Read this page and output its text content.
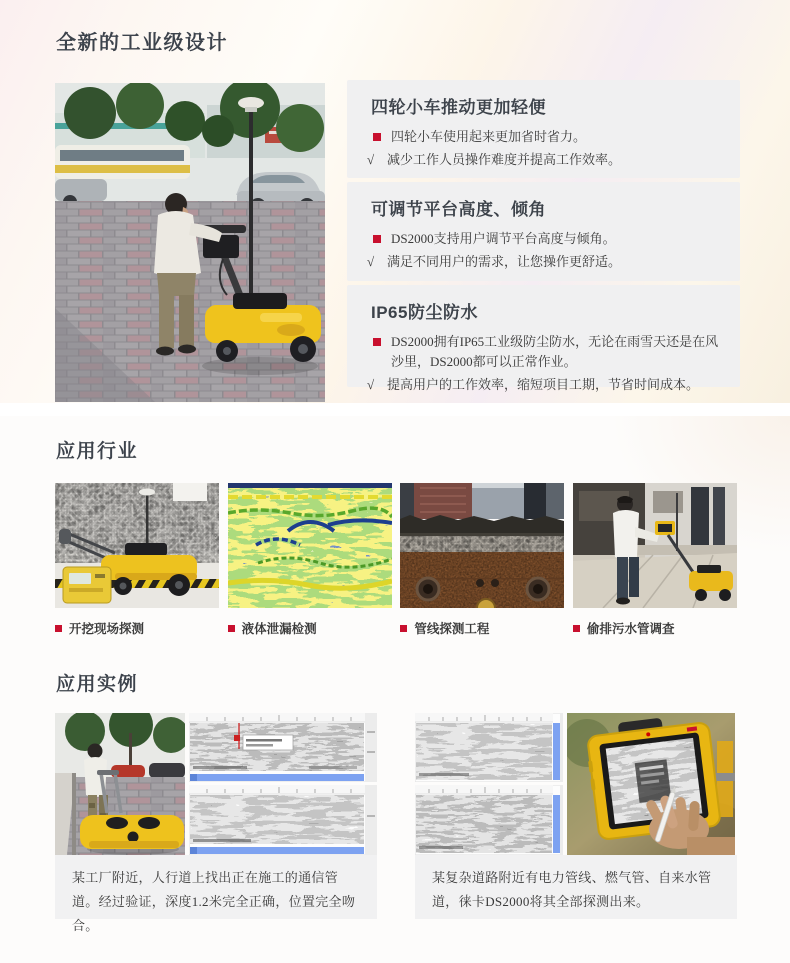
全新的工业级设计
四轮小车推动更加轻便
四轮小车使用起来更加省时省力。
√ 减少工作人员操作难度并提高工作效率。
可调节平台高度、倾角
DS2000支持用户调节平台高度与倾角。
√ 满足不同用户的需求，让您操作更舒适。
IP65防尘防水
DS2000拥有IP65工业级防尘防水，无论在雨雪天还是在风沙里，DS2000都可以正常作业。
√ 提高用户的工作效率，缩短项目工期，节省时间成本。
应用行业
开挖现场探测	液体泄漏检测	管线探测工程	偷排污水管调查
应用实例
某工厂附近，人行道上找出正在施工的通信管道。经过验证，深度1.2米完全正确，位置完全吻合。
某复杂道路附近有电力管线、燃气管、自来水管道，徕卡DS2000将其全部探测出来。
